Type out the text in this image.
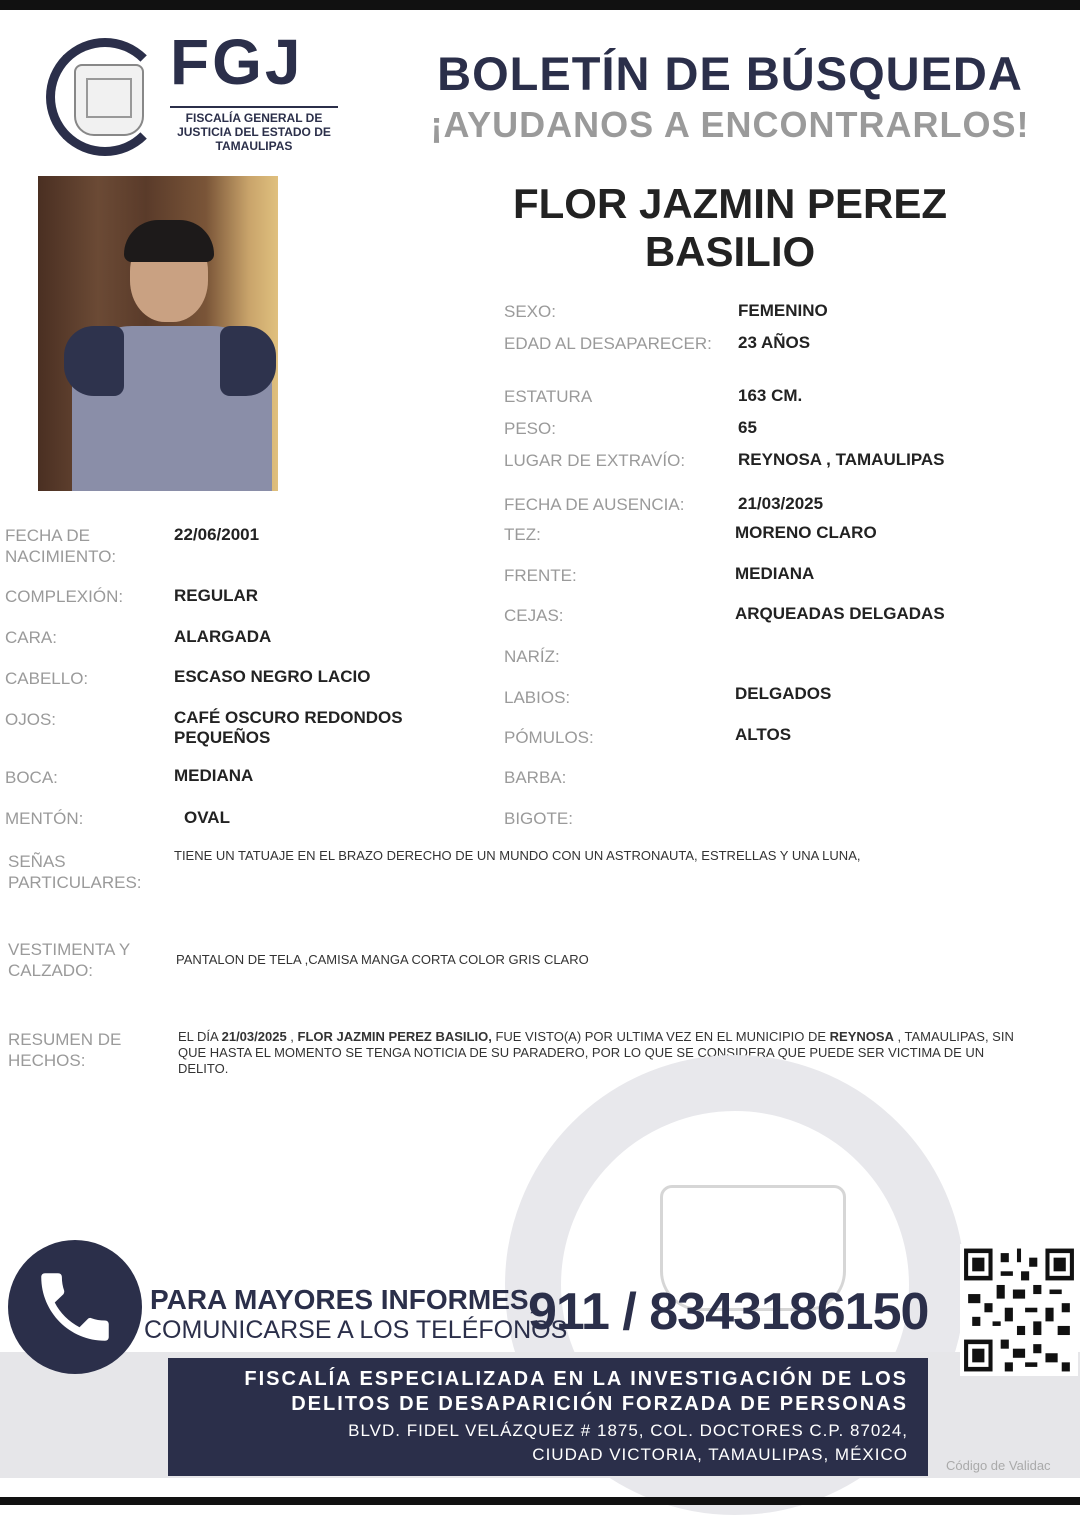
FGJ
FISCALÍA GENERAL DE JUSTICIA DEL ESTADO DE TAMAULIPAS
BOLETÍN DE BÚSQUEDA
¡AYUDANOS A ENCONTRARLOS!
FLOR JAZMIN PEREZ BASILIO
SEXO:	FEMENINO
EDAD AL DESAPARECER: 23 AÑOS
ESTATURA	163 CM.
PESO:	65
LUGAR DE EXTRAVÍO:	REYNOSA , TAMAULIPAS
FECHA DE AUSENCIA:	21/03/2025
TEZ:	MORENO CLARO
FRENTE:	MEDIANA
CEJAS:	ARQUEADAS DELGADAS
NARÍZ:
LABIOS:	DELGADOS
PÓMULOS:	ALTOS
BARBA:
BIGOTE:
FECHA DE NACIMIENTO:
22/06/2001
COMPLEXIÓN:	REGULAR
CARA:	ALARGADA
CABELLO:	ESCASO NEGRO LACIO
OJOS:	CAFÉ OSCURO REDONDOS PEQUEÑOS
BOCA:	MEDIANA
MENTÓN:	OVAL
SEÑAS PARTICULARES:
TIENE UN TATUAJE EN EL BRAZO DERECHO DE UN MUNDO CON UN ASTRONAUTA, ESTRELLAS Y UNA LUNA,
VESTIMENTA Y CALZADO:
PANTALON DE TELA ,CAMISA MANGA CORTA COLOR GRIS CLARO
RESUMEN DE HECHOS:
EL DÍA 21/03/2025 , FLOR JAZMIN PEREZ BASILIO, FUE VISTO(A) POR ULTIMA VEZ EN EL MUNICIPIO DE REYNOSA , TAMAULIPAS, SIN QUE HASTA EL MOMENTO SE TENGA NOTICIA DE SU PARADERO, POR LO QUE SE CONSIDERA QUE PUEDE SER VICTIMA DE UN DELITO.
PARA MAYORES INFORMES,
COMUNICARSE A LOS TELÉFONOS
911 / 8343186150
FISCALÍA ESPECIALIZADA EN LA INVESTIGACIÓN DE LOS
DELITOS DE DESAPARICIÓN FORZADA DE PERSONAS
BLVD. FIDEL VELÁZQUEZ # 1875, COL. DOCTORES C.P. 87024,
CIUDAD VICTORIA, TAMAULIPAS, MÉXICO
Código de Validac
